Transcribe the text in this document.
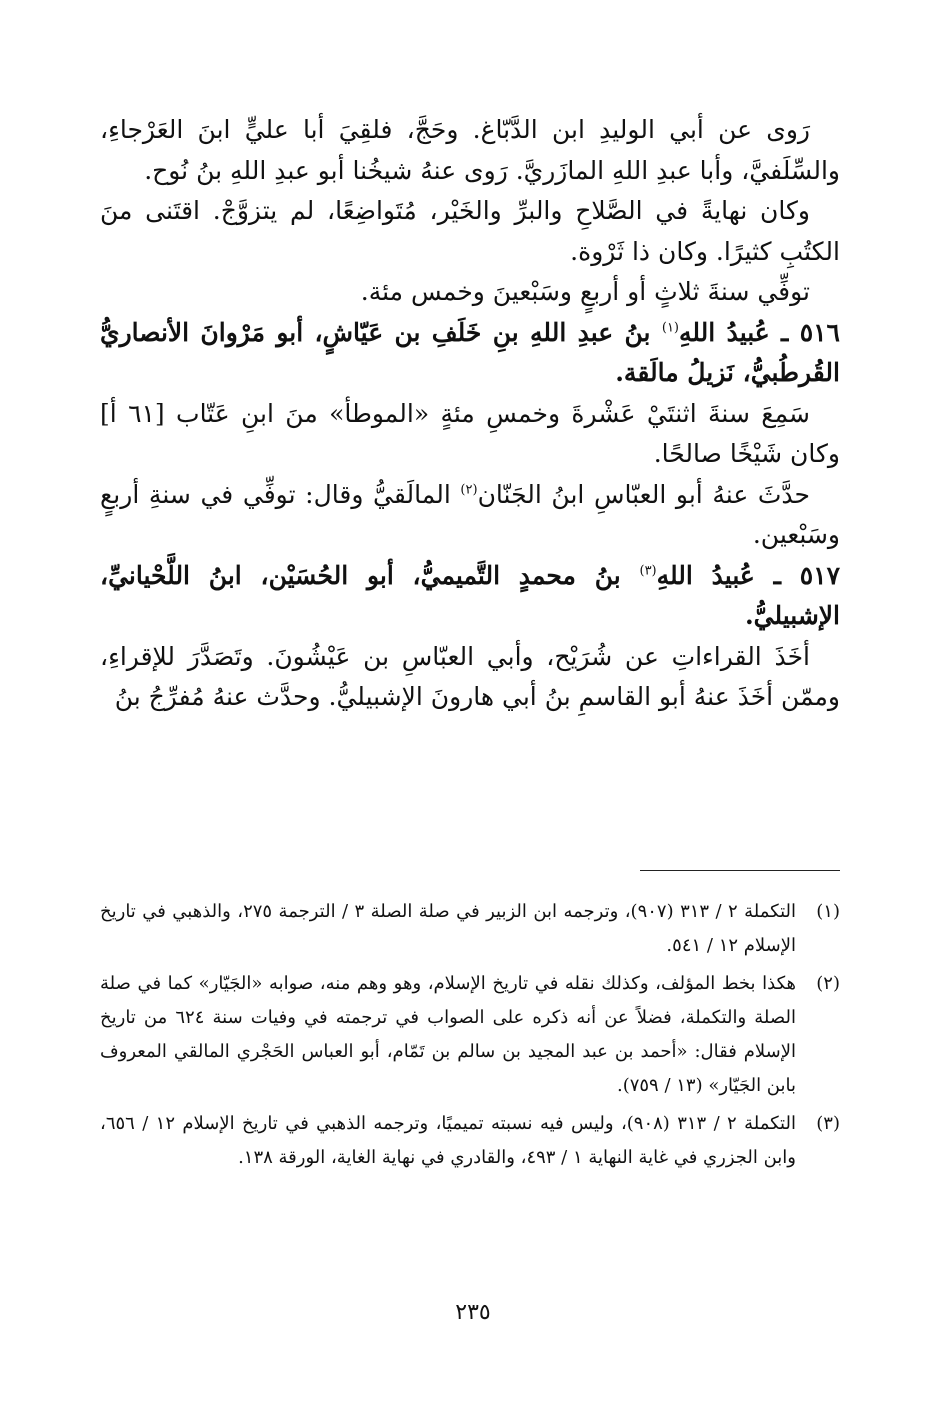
رَوى عن أبي الوليدِ ابن الدَّبّاغ. وحَجَّ، فلقِيَ أبا عليٍّ ابنَ العَرْجاءِ، والسِّلَفيَّ، وأبا عبدِ اللهِ المازَريَّ. رَوى عنهُ شيخُنا أبو عبدِ اللهِ بنُ نُوح.

وكان نهايةً في الصَّلاحِ والبرِّ والخَيْر، مُتَواضِعًا، لم يتزوَّجْ. اقتَنى منَ الكتُبِ كثيرًا. وكان ذا ثَرْوة.

توفِّي سنةَ ثلاثٍ أو أربعٍ وسَبْعينَ وخمس مئة.

٥١٦ ـ عُبيدُ اللهِ$^{(١)}$ بنُ عبدِ اللهِ بنِ خَلَفِ بن عَيّاشٍ، أبو مَرْوانَ الأنصاريُّ القُرطُبيُّ، نَزيلُ مالَقة.

سَمِعَ سنةَ اثنتَيْ عَشْرةَ وخمسِ مئةٍ «الموطأ» منَ ابنِ عَتّاب [٦١ أ] وكان شَيْخًا صالحًا.

حدَّثَ عنهُ أبو العبّاسِ ابنُ الجَنّان$^{(٢)}$ المالَقيُّ وقال: توفِّي في سنةِ أربعٍ وسَبْعين.

٥١٧ ـ عُبيدُ اللهِ$^{(٣)}$ بنُ محمدٍ التَّميميُّ، أبو الحُسَيْن، ابنُ اللَّحْيانيِّ، الإشبيليُّ.

أخَذَ القراءاتِ عن شُرَيْح، وأبي العبّاسِ بن عَيْشُونَ. وتَصَدَّرَ للإقراءِ، وممّن أخَذَ عنهُ أبو القاسمِ بنُ أبي هارونَ الإشبيليُّ. وحدَّث عنهُ مُفرِّجُ بنُ

(١)
التكملة ٢ / ٣١٣ (٩٠٧)، وترجمه ابن الزبير في صلة الصلة ٣ / الترجمة ٢٧٥، والذهبي في تاريخ الإسلام ١٢ / ٥٤١.
(٢)
هكذا بخط المؤلف، وكذلك نقله في تاريخ الإسلام، وهو وهم منه، صوابه «الجَيّار» كما في صلة الصلة والتكملة، فضلاً عن أنه ذكره على الصواب في ترجمته في وفيات سنة ٦٢٤ من تاريخ الإسلام فقال: «أحمد بن عبد المجيد بن سالم بن تَمّام، أبو العباس الحَجْري المالقي المعروف بابن الجَيّار» (١٣ / ٧٥٩).
(٣)
التكملة ٢ / ٣١٣ (٩٠٨)، وليس فيه نسبته تميميًا، وترجمه الذهبي في تاريخ الإسلام ١٢ / ٦٥٦، وابن الجزري في غاية النهاية ١ / ٤٩٣، والقادري في نهاية الغاية، الورقة ١٣٨.
٢٣٥
